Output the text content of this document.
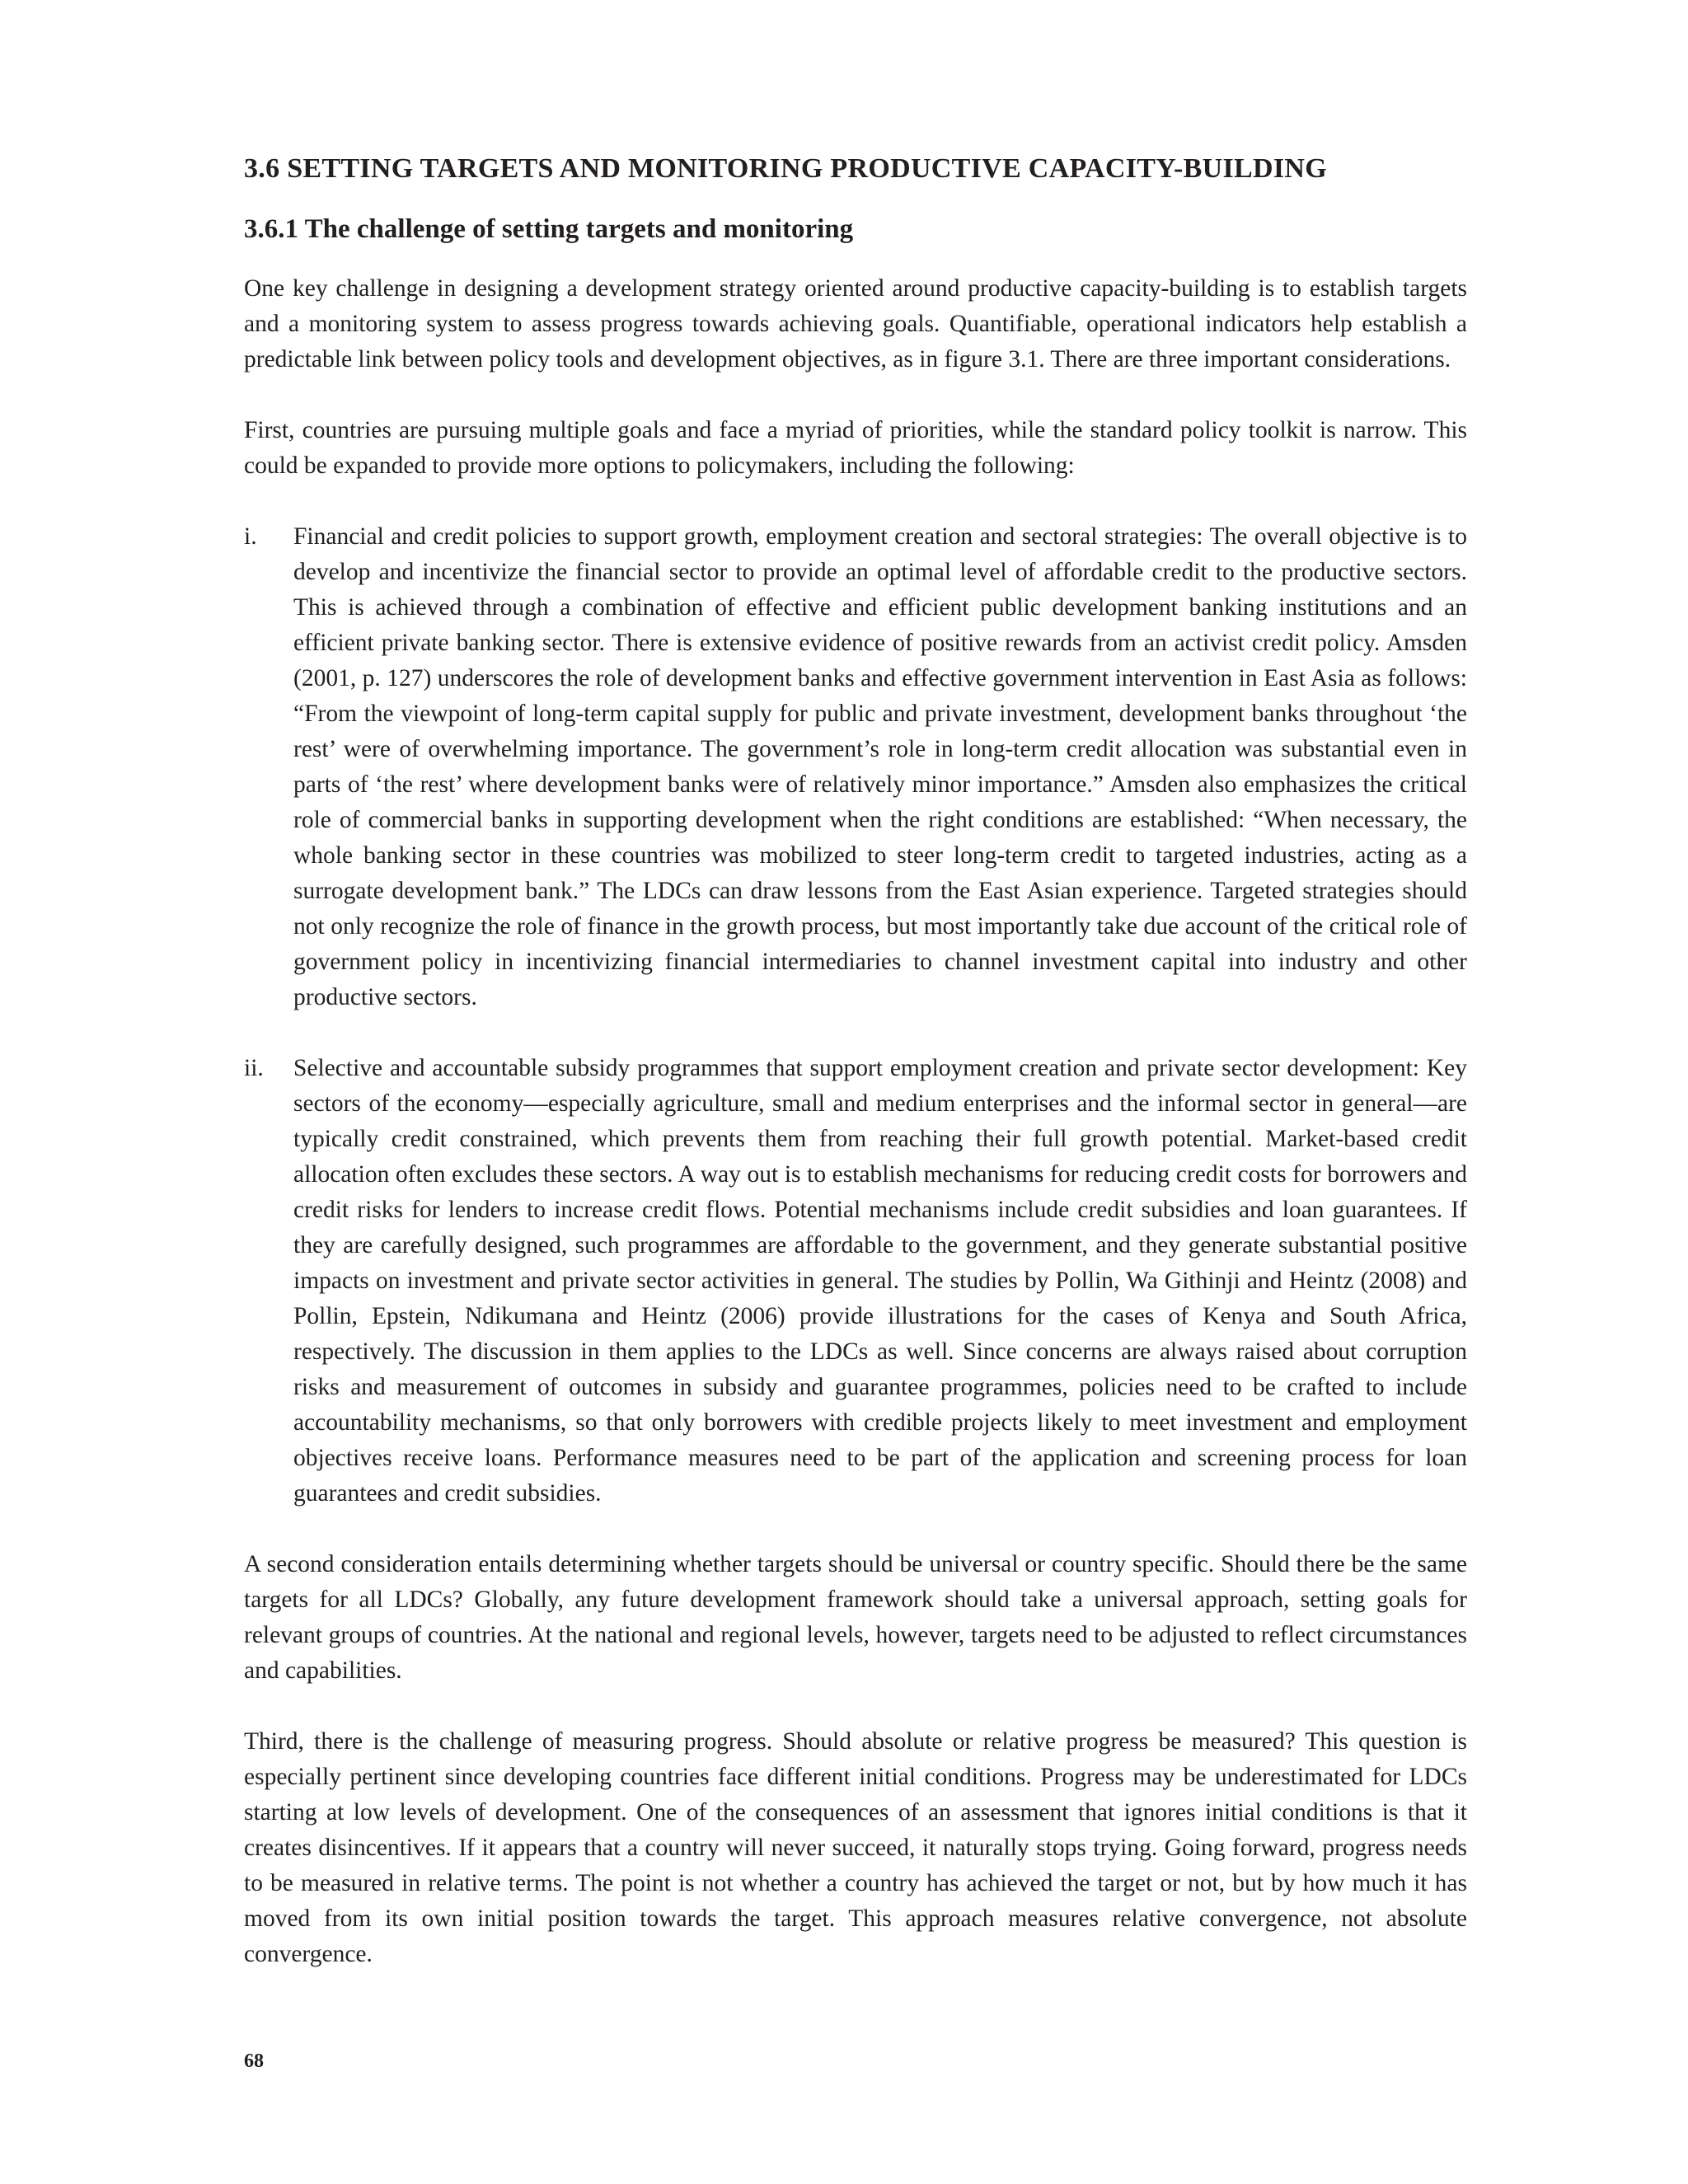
3.6 SETTING TARGETS AND MONITORING PRODUCTIVE CAPACITY-BUILDING
3.6.1 The challenge of setting targets and monitoring

One key challenge in designing a development strategy oriented around productive capacity-building is to establish targets and a monitoring system to assess progress towards achieving goals. Quantifiable, operational indicators help establish a predictable link between policy tools and development objectives, as in figure 3.1. There are three important considerations.

First, countries are pursuing multiple goals and face a myriad of priorities, while the standard policy toolkit is narrow. This could be expanded to provide more options to policymakers, including the following:

i. Financial and credit policies to support growth, employment creation and sectoral strategies: The overall objective is to develop and incentivize the financial sector to provide an optimal level of affordable credit to the productive sectors. This is achieved through a combination of effective and efficient public development banking institutions and an efficient private banking sector. There is extensive evidence of positive rewards from an activist credit policy. Amsden (2001, p. 127) underscores the role of development banks and effective government intervention in East Asia as follows: “From the viewpoint of long-term capital supply for public and private investment, development banks throughout ‘the rest’ were of overwhelming importance. The government’s role in long-term credit allocation was substantial even in parts of ‘the rest’ where development banks were of relatively minor importance.” Amsden also emphasizes the critical role of commercial banks in supporting development when the right conditions are established: “When necessary, the whole banking sector in these countries was mobilized to steer long-term credit to targeted industries, acting as a surrogate development bank.” The LDCs can draw lessons from the East Asian experience. Targeted strategies should not only recognize the role of finance in the growth process, but most importantly take due account of the critical role of government policy in incentivizing financial intermediaries to channel investment capital into industry and other productive sectors.
ii. Selective and accountable subsidy programmes that support employment creation and private sector development: Key sectors of the economy—especially agriculture, small and medium enterprises and the informal sector in general—are typically credit constrained, which prevents them from reaching their full growth potential. Market-based credit allocation often excludes these sectors. A way out is to establish mechanisms for reducing credit costs for borrowers and credit risks for lenders to increase credit flows. Potential mechanisms include credit subsidies and loan guarantees. If they are carefully designed, such programmes are affordable to the government, and they generate substantial positive impacts on investment and private sector activities in general. The studies by Pollin, Wa Githinji and Heintz (2008) and Pollin, Epstein, Ndikumana and Heintz (2006) provide illustrations for the cases of Kenya and South Africa, respectively. The discussion in them applies to the LDCs as well. Since concerns are always raised about corruption risks and measurement of outcomes in subsidy and guarantee programmes, policies need to be crafted to include accountability mechanisms, so that only borrowers with credible projects likely to meet investment and employment objectives receive loans. Performance measures need to be part of the application and screening process for loan guarantees and credit subsidies.

A second consideration entails determining whether targets should be universal or country specific. Should there be the same targets for all LDCs? Globally, any future development framework should take a universal approach, setting goals for relevant groups of countries. At the national and regional levels, however, targets need to be adjusted to reflect circumstances and capabilities.

Third, there is the challenge of measuring progress. Should absolute or relative progress be measured? This question is especially pertinent since developing countries face different initial conditions. Progress may be underestimated for LDCs starting at low levels of development. One of the consequences of an assessment that ignores initial conditions is that it creates disincentives. If it appears that a country will never succeed, it naturally stops trying. Going forward, progress needs to be measured in relative terms. The point is not whether a country has achieved the target or not, but by how much it has moved from its own initial position towards the target. This approach measures relative convergence, not absolute convergence.

68
